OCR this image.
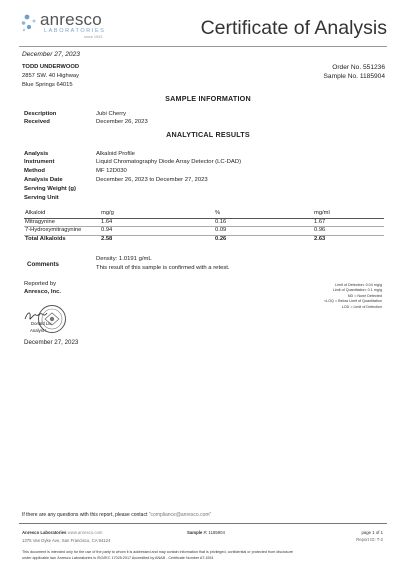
anresco
LABORATORIES
since 1943	Certificate of Analysis
December 27, 2023
TODD UNDERWOOD
2857 SW. 40 Highway
Blue Springs 64015
Order No. 551236
Sample No. 1185904
SAMPLE INFORMATION
Description	Jubi Cherry
Received	December 26, 2023
ANALYTICAL RESULTS
Analysis	Alkaloid Profile
Instrument	Liquid Chromatography Diode Array Detector (LC-DAD)
Method	MF 12D030
Analysis Date	December 26, 2023 to December 27, 2023
Serving Weight (g)
Serving Unit
Alkaloid	mg/g	%	mg/ml
Mitragynine	1.64	0.16	1.67
7-Hydroxymitragynine	0.94	0.09	0.96
Total Alkaloids	2.58	0.26	2.63
Comments
Density: 1.0191 g/mL
This result of this sample is confirmed with a retest.
Reported by
Anresco, Inc.
Limit of Detection: 0.04 mg/g
Limit of Quantitation: 0.1 mg/g
ND = None Detected
<LOQ = Below Limit of Quantitation
LOD = Limit of Detection
Donald Liu
Analyst I
December 27, 2023
If there are any questions with this report, please contact "compliance@anresco.com"
Anresco Laboratories www.anresco.com
1375 Van Dyke Ave, San Francisco, CA 94124
Sample #: 1185904	page 1 of 1
Report ID: T-2
This document is intended only for the use of the party to whom it is addressed and may contain information that is privileged, confidential or protected from disclosure
under applicable law. Anresco Laboratories is ISO/IEC 17025:2017 Accredited by ANAB - Certificate Number AT-1551
